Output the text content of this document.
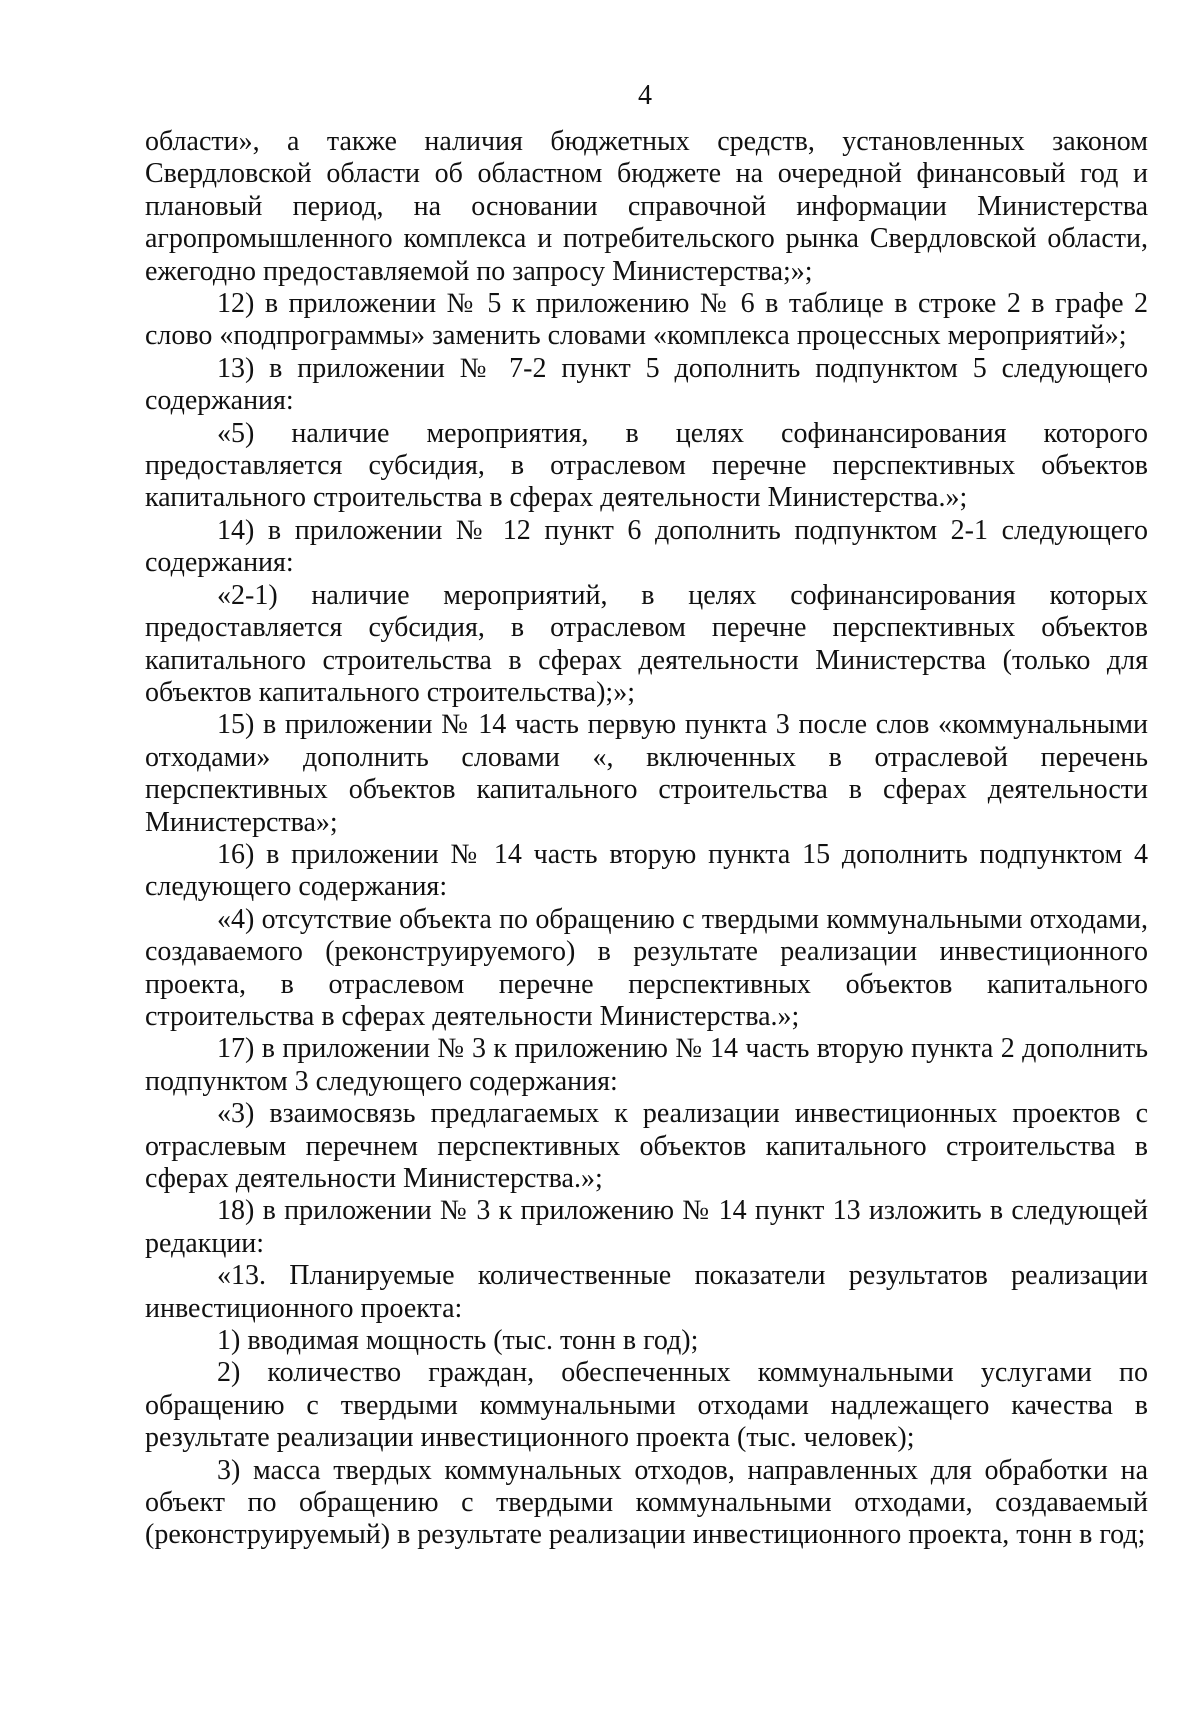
4

области», а также наличия бюджетных средств, установленных законом Свердловской области об областном бюджете на очередной финансовый год и плановый период, на основании справочной информации Министерства агропромышленного комплекса и потребительского рынка Свердловской области, ежегодно предоставляемой по запросу Министерства;»;

12) в приложении № 5 к приложению № 6 в таблице в строке 2 в графе 2 слово «подпрограммы» заменить словами «комплекса процессных мероприятий»;

13) в приложении № 7-2 пункт 5 дополнить подпунктом 5 следующего содержания:

«5) наличие мероприятия, в целях софинансирования которого предоставляется субсидия, в отраслевом перечне перспективных объектов капитального строительства в сферах деятельности Министерства.»;

14) в приложении № 12 пункт 6 дополнить подпунктом 2-1 следующего содержания:

«2-1) наличие мероприятий, в целях софинансирования которых предоставляется субсидия, в отраслевом перечне перспективных объектов капитального строительства в сферах деятельности Министерства (только для объектов капитального строительства);»;

15) в приложении № 14 часть первую пункта 3 после слов «коммунальными отходами» дополнить словами «, включенных в отраслевой перечень перспективных объектов капитального строительства в сферах деятельности Министерства»;

16) в приложении № 14 часть вторую пункта 15 дополнить подпунктом 4 следующего содержания:

«4) отсутствие объекта по обращению с твердыми коммунальными отходами, создаваемого (реконструируемого) в результате реализации инвестиционного проекта, в отраслевом перечне перспективных объектов капитального строительства в сферах деятельности Министерства.»;

17) в приложении № 3 к приложению № 14 часть вторую пункта 2 дополнить подпунктом 3 следующего содержания:

«3) взаимосвязь предлагаемых к реализации инвестиционных проектов с отраслевым перечнем перспективных объектов капитального строительства в сферах деятельности Министерства.»;

18) в приложении № 3 к приложению № 14 пункт 13 изложить в следующей редакции:

«13. Планируемые количественные показатели результатов реализации инвестиционного проекта:

1) вводимая мощность (тыс. тонн в год);

2) количество граждан, обеспеченных коммунальными услугами по обращению с твердыми коммунальными отходами надлежащего качества в результате реализации инвестиционного проекта (тыс. человек);

3) масса твердых коммунальных отходов, направленных для обработки на объект по обращению с твердыми коммунальными отходами, создаваемый (реконструируемый) в результате реализации инвестиционного проекта, тонн в год;
